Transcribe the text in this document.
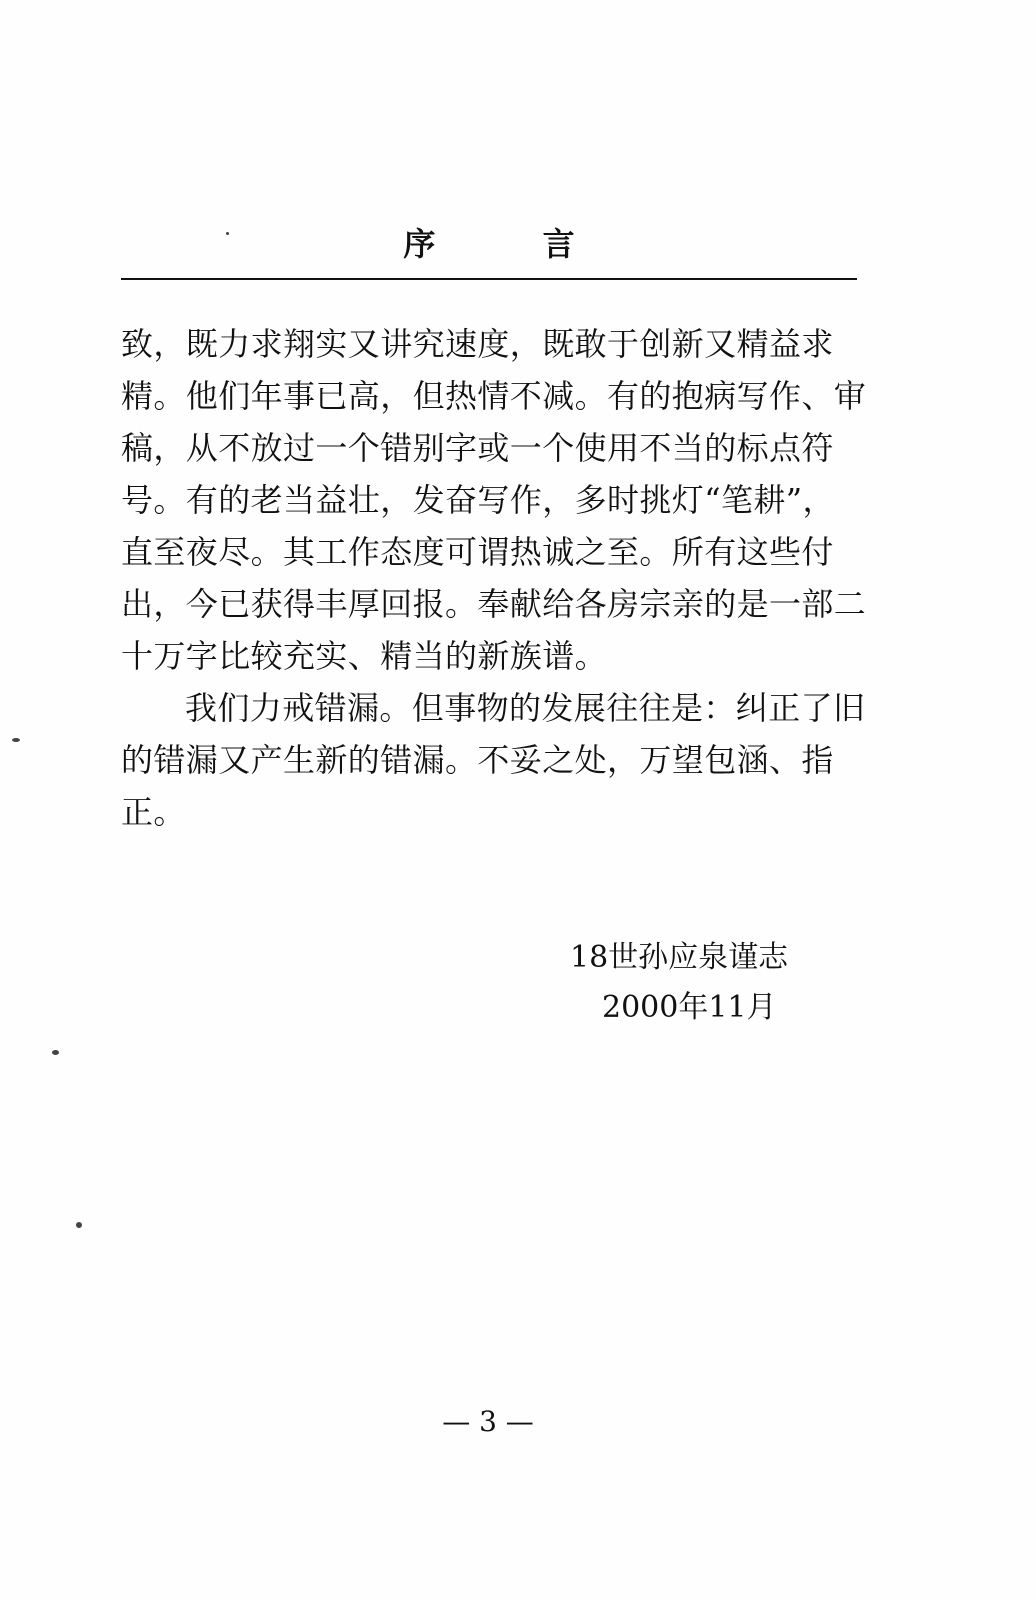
序 言
致，既力求翔实又讲究速度，既敢于创新又精益求
精。他们年事已高，但热情不减。有的抱病写作、审
稿，从不放过一个错别字或一个使用不当的标点符
号。有的老当益壮，发奋写作，多时挑灯“笔耕”，
直至夜尽。其工作态度可谓热诚之至。所有这些付
出，今已获得丰厚回报。奉献给各房宗亲的是一部二
十万字比较充实、精当的新族谱。
我们力戒错漏。但事物的发展往往是：纠正了旧
的错漏又产生新的错漏。不妥之处，万望包涵、指
正。
18世孙应泉谨志
2000年11月
— 3 —
